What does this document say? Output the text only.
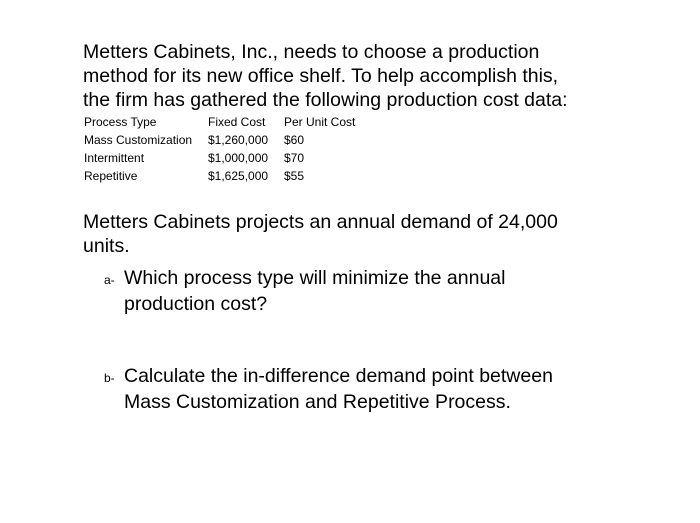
Metters Cabinets, Inc., needs to choose a production
method for its new office shelf. To help accomplish this,
the firm has gathered the following production cost data:
Process Type	Fixed Cost	Per Unit Cost
Mass Customization	$1,260,000	$60
Intermittent	$1,000,000	$70
Repetitive	$1,625,000	$55
Metters Cabinets projects an annual demand of 24,000
units.
a- Which process type will minimize the annual
production cost?
b- Calculate the in-difference demand point between
Mass Customization and Repetitive Process.
